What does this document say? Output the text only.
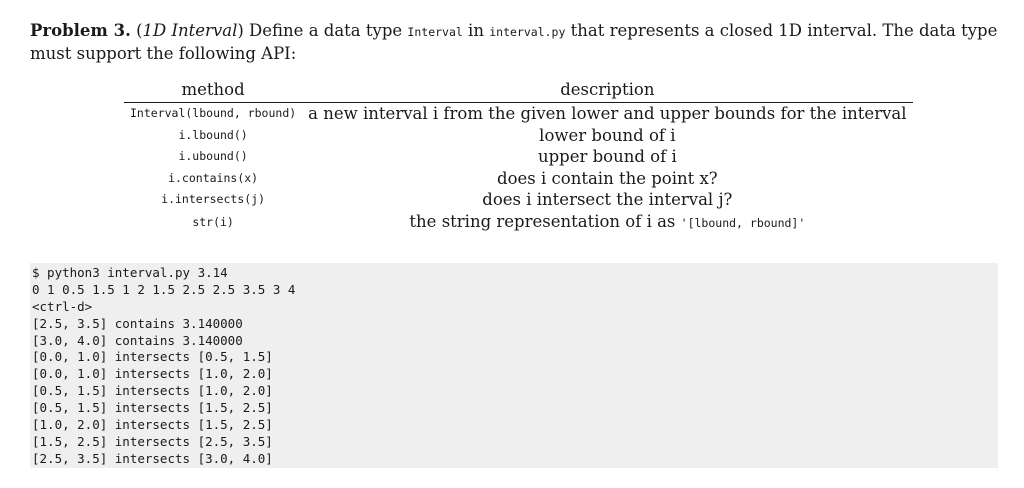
Problem 3. (1D Interval) Define a data type Interval in interval.py that represents a closed 1D interval. The data type must support the following API:
method	description
Interval(lbound, rbound)	a new interval i from the given lower and upper bounds for the interval
i.lbound()	lower bound of i
i.ubound()	upper bound of i
i.contains(x)	does i contain the point x?
i.intersects(j)	does i intersect the interval j?
str(i)	the string representation of i as '[lbound, rbound]'
$ python3 interval.py 3.14
0 1 0.5 1.5 1 2 1.5 2.5 2.5 3.5 3 4
<ctrl-d>
[2.5, 3.5] contains 3.140000
[3.0, 4.0] contains 3.140000
[0.0, 1.0] intersects [0.5, 1.5]
[0.0, 1.0] intersects [1.0, 2.0]
[0.5, 1.5] intersects [1.0, 2.0]
[0.5, 1.5] intersects [1.5, 2.5]
[1.0, 2.0] intersects [1.5, 2.5]
[1.5, 2.5] intersects [2.5, 3.5]
[2.5, 3.5] intersects [3.0, 4.0]
